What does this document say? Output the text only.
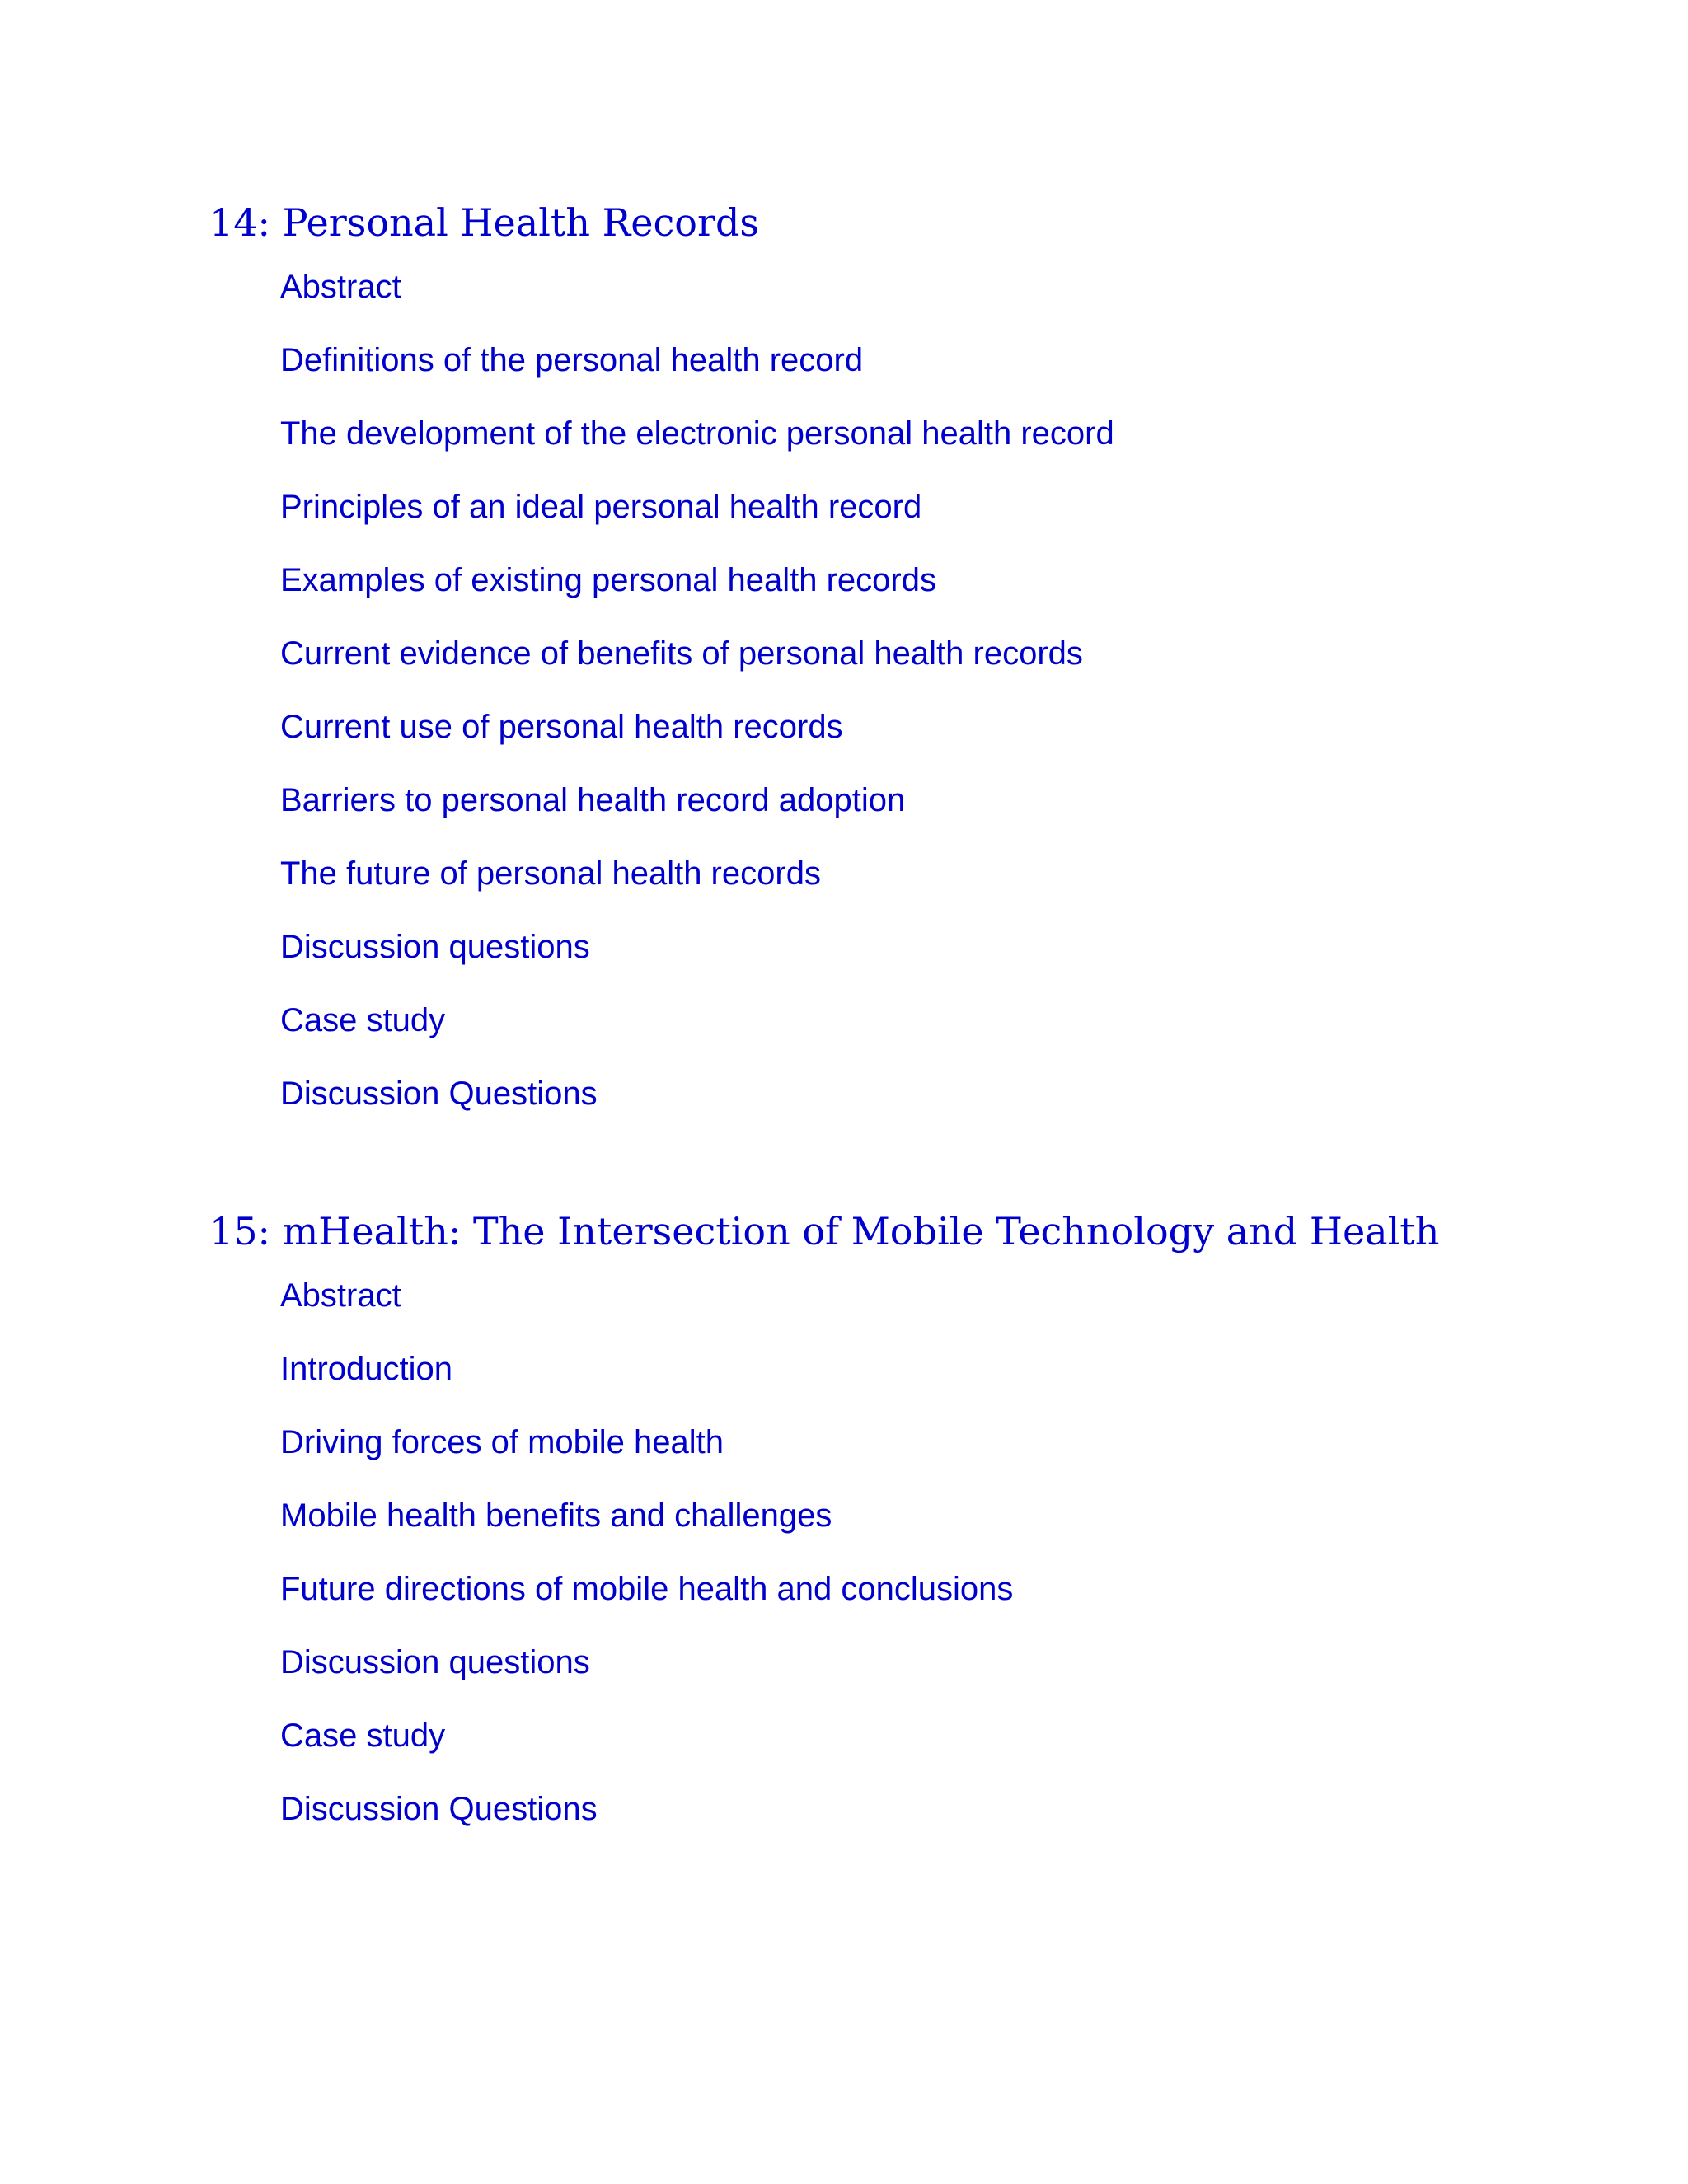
14: Personal Health Records
Abstract
Definitions of the personal health record
The development of the electronic personal health record
Principles of an ideal personal health record
Examples of existing personal health records
Current evidence of benefits of personal health records
Current use of personal health records
Barriers to personal health record adoption
The future of personal health records
Discussion questions
Case study
Discussion Questions
15: mHealth: The Intersection of Mobile Technology and Health
Abstract
Introduction
Driving forces of mobile health
Mobile health benefits and challenges
Future directions of mobile health and conclusions
Discussion questions
Case study
Discussion Questions
